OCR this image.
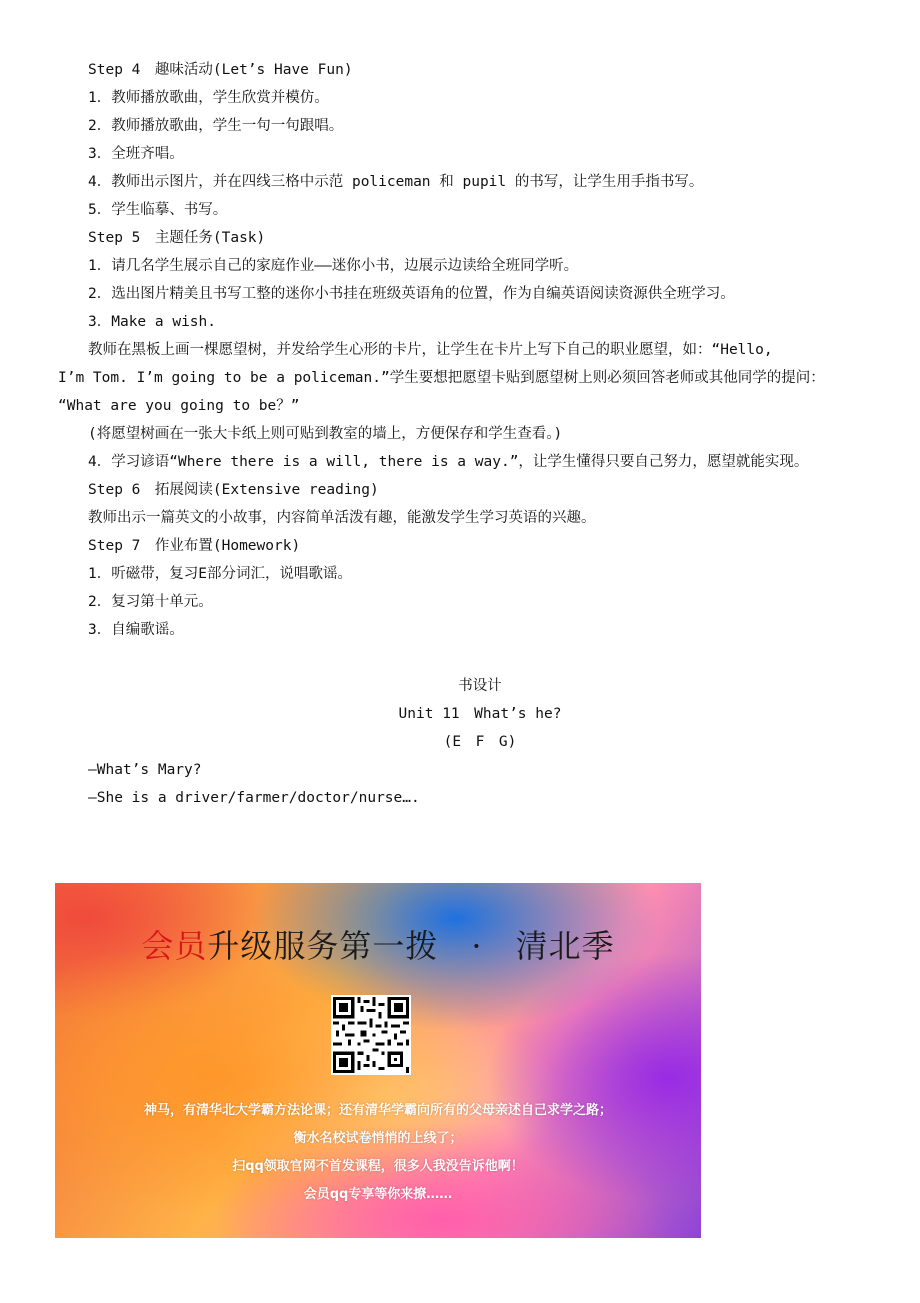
Step 4　趣味活动(Let’s Have Fun)
1．教师播放歌曲，学生欣赏并模仿。
2．教师播放歌曲，学生一句一句跟唱。
3．全班齐唱。
4．教师出示图片，并在四线三格中示范 policeman 和 pupil 的书写，让学生用手指书写。
5．学生临摹、书写。
Step 5　主题任务(Task)
1．请几名学生展示自己的家庭作业——迷你小书，边展示边读给全班同学听。
2．选出图片精美且书写工整的迷你小书挂在班级英语角的位置，作为自编英语阅读资源供全班学习。
3．Make a wish.
教师在黑板上画一棵愿望树，并发给学生心形的卡片，让学生在卡片上写下自己的职业愿望，如：“Hello,
I’m Tom. I’m going to be a policeman.”学生要想把愿望卡贴到愿望树上则必须回答老师或其他同学的提问：
“What are you going to be？”
(将愿望树画在一张大卡纸上则可贴到教室的墙上，方便保存和学生查看。)
4．学习谚语“Where there is a will, there is a way.”，让学生懂得只要自己努力，愿望就能实现。
Step 6　拓展阅读(Extensive reading)
教师出示一篇英文的小故事，内容简单活泼有趣，能激发学生学习英语的兴趣。
Step 7　作业布置(Homework)
1．听磁带，复习E部分词汇，说唱歌谣。
2．复习第十单元。
3．自编歌谣。
书设计
Unit 11　What’s he?
(E　F　G)
—What’s Mary?
—She is a driver/farmer/doctor/nurse….
会员升级服务第一拨　·　清北季
神马，有清华北大学霸方法论课；还有清华学霸向所有的父母亲述自己求学之路；
衡水名校试卷悄悄的上线了；
扫qq领取官网不首发课程，很多人我没告诉他啊！
会员qq专享等你来撩……
